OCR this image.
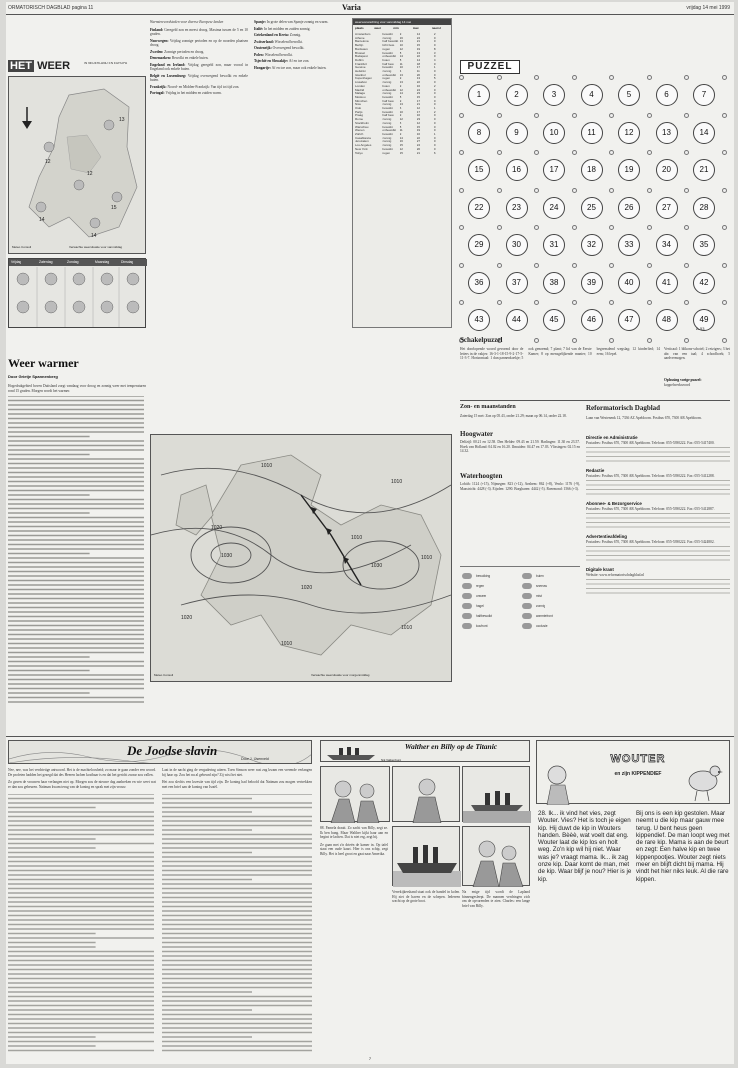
ORMATORISCH DAGBLAD pagina 11	Varia	vrijdag 14 mei 1999
HET WEER	IN NEDERLAND EN EUROPA
13
12
12
15
14
14
Meteo Consult	Verwachte weersituatie voor vanmiddag
Vrijdag	Zaterdag	Zondag	Maandag	Dinsdag
Weer warmer
Door Grietje Spannenberg
Hogedrukgebied boven Duitsland zorgt vandaag voor droog en zonnig weer met temperaturen rond 15 graden. Morgen wordt het warmer.
Warmterecordsteden voor diverse Europese landen

Finland: Geregeld zon en meest droog. Maxima tussen de 5 en 10 graden.

Noorwegen: Vrijdag zonnige perioden en op de noorden plaatsen droog.

Zweden: Zonnige perioden en droog.

Denemarken: Bewolkt en enkele buien.

Engeland en Ierland: Vrijdag geregeld zon, maar vooral in Engeland ook enkele buien.

België en Luxemburg: Vrijdag overwegend bewolkt en enkele buien.

Frankrijk: Noord- en Midden-Frankrijk: Van tijd tot tijd zon.

Portugal: Vrijdag in het midden en zuiden warm.

Spanje: In grote delen van Spanje zonnig en warm.

Italië: In het midden en zuiden zonnig.

Griekenland en Kreta: Zonnig.

Zwitserland: Wisselend bewolkt.

Oostenrijk: Overwegend bewolkt.

Polen: Wisselend bewolkt.

Tsjechië en Slowakije: Af en toe zon.

Hongarije: Af en toe zon, maar ook enkele buien.

weersverwachting voor vanmiddag 14 mei
plaats	weer	min	max	neersl
Amsterdam	bewolkt	9	14	2
Athene	zonnig	16	24	0
Barcelona	half bewolkt 13	21	0
Berlijn	licht bew.	10	15	0
Bordeaux	regen	12	19	8
Brussel	bewolkt	8	13	3
Budapest	onbewolkt	14	22	0
Dublin	buien	8	14	4
Frankfurt	half bew.	11	18	0
Genève	bewolkt	10	17	1
Helsinki	zonnig	4	11	0
Istanbul	onbewolkt	13	20	0
Kopenhagen	regen	9	13	5
Lissabon	zonnig	13	22	0
Londen	buien	9	16	2
Madrid	onbewolkt	12	24	0
Malaga	zonnig	14	23	0
Moskou	bewolkt	8	15	0
München	half bew.	9	17	0
Nice	zonnig	13	21	0
Oslo	bewolkt	6	12	1
Parijs	bewolkt	10	17	2
Praag	half bew.	9	16	0
Rome	zonnig	12	23	0
Stockholm	zonnig	5	12	0
Warschau	bewolkt	8	15	0
Wenen	onbewolkt	11	19	0
Zürich	bewolkt	9	16	1
Casablanca	zonnig	14	22	0
Jeruzalem	zonnig	16	27	0
Los Angeles	zonnig	15	24	0
New York	bewolkt	12	20	0
Tokyo	regen	15	21	6
1010
1010
1020
1030
1010
1010
1020
1020
1010
1030
1010
Meteo Consult	Verwachte weersituatie voor morgenmiddag
PUZZEL
1	2	3	4	5	6	7
8	9	10	11	12	13	14
15	16	17	18	19	20	21
22	23	24	25	26	27	28
29	30	31	32	33	34	35
36	37	38	39	40	41	42
43	44	45	46	47	48	49
A-53
Schakelpuzzel
Het doorlopende woord gevormd door de letters in de vakjes: 16-3-1-18-15-9-2-17-5-11-3-7. Horizontaal: 1 dun pannenkoekje; 5 ook genoemd; 7 plant; 7 lid van de Eerste Kamer; 8 op mensgelijkende manier; 10 begrensdend wegslag; 12 kinderlied; 14 eens; 16 lepel.
Verticaal: 1 blikons-schotel; 2 reizigers; 3 het abc van een taal; 4 schoolboek; 5 aardvermogen.
Oplossing vorige puzzel:
koppelwerkwoord
Zon- en maanstanden
Zaterdag 15 mei: Zon op 05.43, onder 21.29; maan op 06.14, onder 22.18.
Hoogwater
Delfzijl: 00.21 en 12.58. Den Helder: 09.43 en 21.59. Harlingen: 11.30 en 23.57. Hoek van Holland: 04.02 en 16.20. IJmuiden: 04.47 en 17.03. Vlissingen: 02.15 en 14.32.
Waterhoogten
Lobith: 1124 (+15), Nijmegen: 823 (+12), Arnhem: 862 (+8), Venlo: 1176 (-9), Maastricht: 4428 (-3). Eijsden: 1290. Borgharen: 4442 (-5). Roermond: 1566 (+3).
bewolking	buien
regen	sneeuw
onweer	mist
hagel	zonnig
halfbewolkt	warmtefront
koufront	occlusie
Reformatorisch Dagblad
Laan van Westenenk 12, 7336 AZ Apeldoorn. Postbus 670, 7300 AR Apeldoorn.
Directie en Administratie
Postadres: Postbus 670, 7300 AR Apeldoorn. Telefoon: 055-5390222. Fax: 055-5417400.
Redactie
Postadres: Postbus 670, 7300 AR Apeldoorn. Telefoon: 055-5390222. Fax: 055-5412288.
Abonnee- & Bezorgservice
Postadres: Postbus 670, 7300 AR Apeldoorn. Telefoon: 055-5390222. Fax: 055-5412887.
Advertentieafdeling
Postadres: Postbus 670, 7300 AR Apeldoorn. Telefoon: 055-5390222. Fax: 055-5424802.
Digitale krant
Website: www.reformatorischdagblad.nl
De Joodse slavin
Door J. IJsenveld

Nee, nee, was het verdrietige antwoord. Het is de machteloosheid; zo maar te gaan zonder een woord. De profeten hadden het gezegd dat des Heeren lachen kostbaar is en dat het gericht zwaar zou vallen.

Zo gaven de vrouwen haar verlangen niet op. Morgen zou de nieuwe dag aanbreken en wie weet wat er dan zou gebeuren. Naäman kwam terug van de koning en sprak met zijn vrouw.

Laat in de nacht ging de vergadering uiteen. Toen Simson weer rust zag kwam een vreemde verlangen bij haar op. Zou het nu al gebeurd zijn? Zij wist het niet.

Het zou slechts een kwestie van tijd zijn. De koning had beloofd dat Naäman zou mogen vertrekken met een brief aan de koning van Israël.

Walther en Billy op de Titanic
Nik Valkenburg

88. Pamela draait. Zo zacht van Billy, zegt ze. Ik ben bang. Maar Walther kijkt haar aan en begint te lachen. Dat is niet erg, zegt hij.

Ze gaan met z'n drieën de kamer in. Op tafel staat een oude kaart. Hier is ons schip, zegt Billy. Het is heel groot en gaat naar Amerika.

Verrekijkershand staat ook de handel in kolen. Hij ziet de haven en de schepen. Iedereen wacht op de grote boot.
Na enige tijd wordt de Lapland binnengesleept. De mannen verdringen zich om de opvarenden te zien. Charles: een lange brief van Billy.
WOUTER
en zijn KIPPENDIEF
28. Ik... ik vind het vies, zegt Wouter. Vies? Het is toch je eigen kip. Hij duwt de kip in Wouters handen. Bèèè, wat voelt dat eng. Wouter laat de kip los en holt weg. Zo'n kip wil hij niet. Waar was je? vraagt mama. Ik... ik zag onze kip. Daar komt de man, met de kip. Waar blijf je nou? Hier is je kip.
Bij ons is een kip gestolen. Maar neemt u die kip maar gauw mee terug. U bent heus geen kippendief. De man loopt weg met de rare kip. Mama is aan de beurt en zegt: Een halve kip en twee kippenpootjes. Wouter zegt niets meer en blijft dicht bij mama. Hij vindt het hier niks leuk. Al die rare kippen.
7
